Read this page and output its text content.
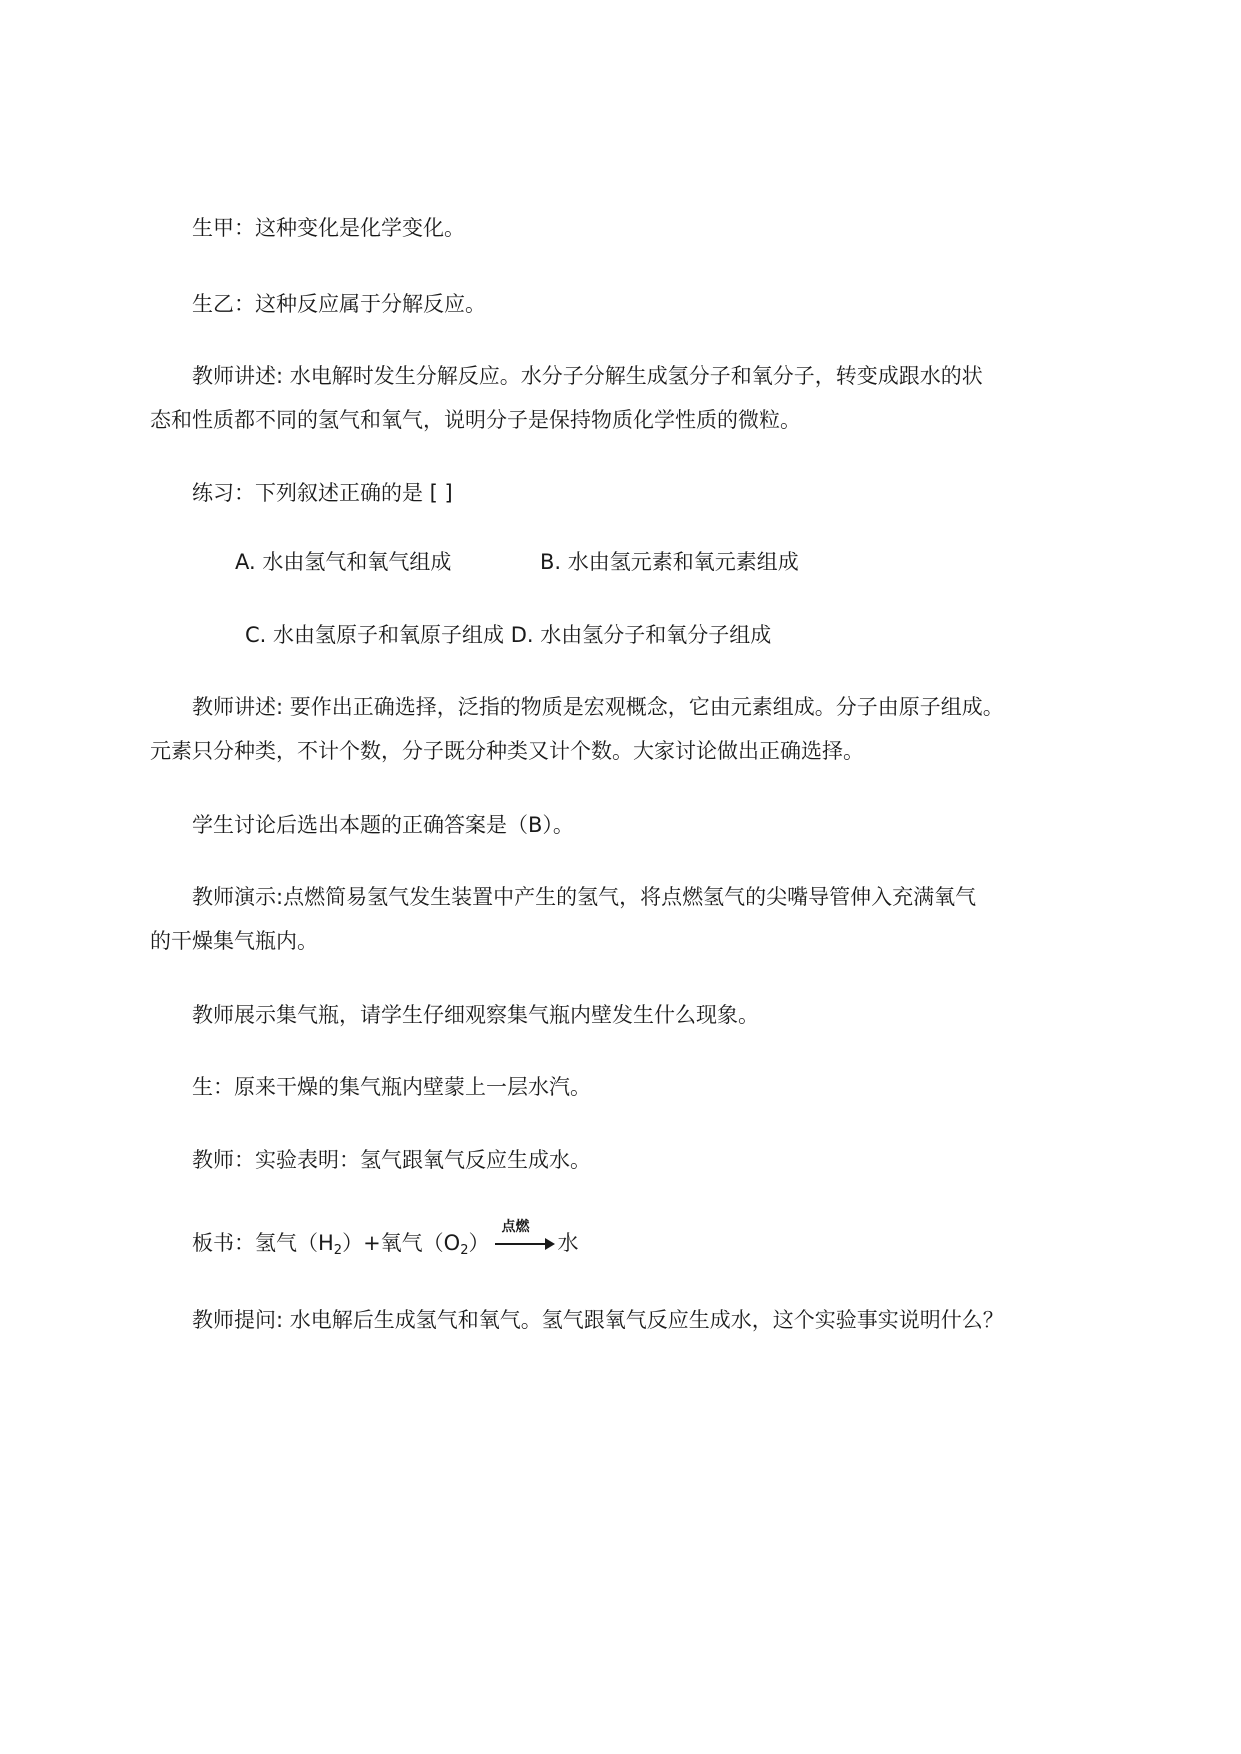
生甲：这种变化是化学变化。
生乙：这种反应属于分解反应。
教师讲述: 水电解时发生分解反应。水分子分解生成氢分子和氧分子，转变成跟水的状
态和性质都不同的氢气和氧气，说明分子是保持物质化学性质的微粒。
练习：下列叙述正确的是 [ ]
A. 水由氢气和氧气组成	B. 水由氢元素和氧元素组成
C. 水由氢原子和氧原子组成 D. 水由氢分子和氧分子组成
教师讲述: 要作出正确选择，泛指的物质是宏观概念，它由元素组成。分子由原子组成。
元素只分种类，不计个数，分子既分种类又计个数。大家讨论做出正确选择。
学生讨论后选出本题的正确答案是（B）。
教师演示:点燃简易氢气发生装置中产生的氢气，将点燃氢气的尖嘴导管伸入充满氧气
的干燥集气瓶内。
教师展示集气瓶，请学生仔细观察集气瓶内壁发生什么现象。
生：原来干燥的集气瓶内壁蒙上一层水汽。
教师：实验表明：氢气跟氧气反应生成水。
板书：氢气$(H_2)+$氧气$(O_2)$
点燃
水
教师提问: 水电解后生成氢气和氧气。氢气跟氧气反应生成水，这个实验事实说明什么？
